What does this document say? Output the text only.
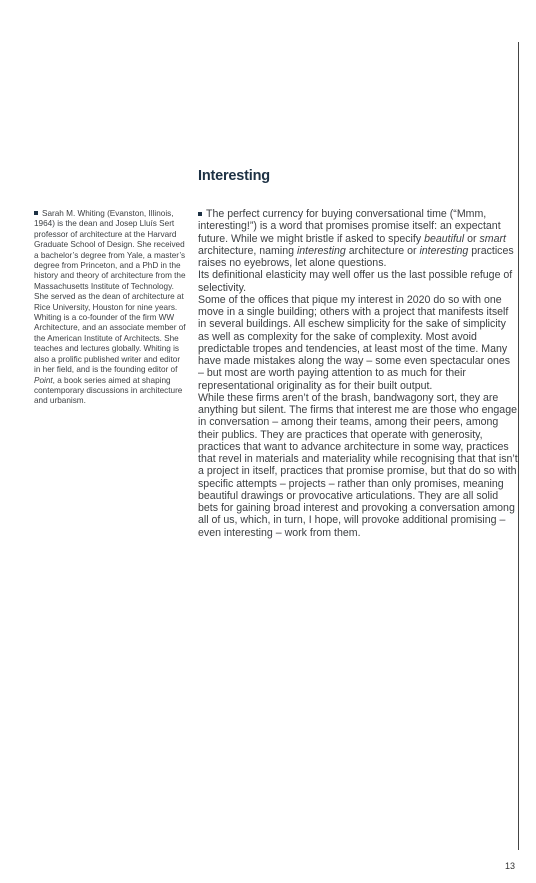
Interesting
Sarah M. Whiting (Evanston, Illinois, 1964) is the dean and Josep Lluís Sert professor of architecture at the Harvard Graduate School of Design. She received a bachelor’s degree from Yale, a master’s degree from Princeton, and a PhD in the history and theory of architecture from the Massachusetts Institute of Technology. She served as the dean of architecture at Rice University, Houston for nine years. Whiting is a co-founder of the firm WW Architecture, and an associate member of the American Institute of Architects. She teaches and lectures globally. Whiting is also a prolific published writer and editor in her field, and is the founding editor of Point, a book series aimed at shaping contemporary discussions in architecture and urbanism.

The perfect currency for buying conversational time (“Mmm, interesting!”) is a word that promises promise itself: an expectant future. While we might bristle if asked to specify beautiful or smart architecture, naming interesting architecture or interesting practices raises no eyebrows, let alone questions.

Its definitional elasticity may well offer us the last possible refuge of selectivity.

Some of the offices that pique my interest in 2020 do so with one move in a single building; others with a project that manifests itself in several buildings. All eschew simplicity for the sake of simplicity as well as complexity for the sake of complexity. Most avoid predictable tropes and tendencies, at least most of the time. Many have made mistakes along the way – some even spectacular ones – but most are worth paying attention to as much for their representational originality as for their built output.

While these firms aren’t of the brash, bandwagony sort, they are anything but silent. The firms that interest me are those who engage in conversation – among their teams, among their peers, among their publics. They are practices that operate with generosity, practices that want to advance architecture in some way, practices that revel in materials and materiality while recognising that that isn’t a project in itself, practices that promise promise, but that do so with specific attempts – projects – rather than only promises, meaning beautiful drawings or provocative articulations. They are all solid bets for gaining broad interest and provoking a conversation among all of us, which, in turn, I hope, will provoke additional promising – even interesting – work from them.

13
